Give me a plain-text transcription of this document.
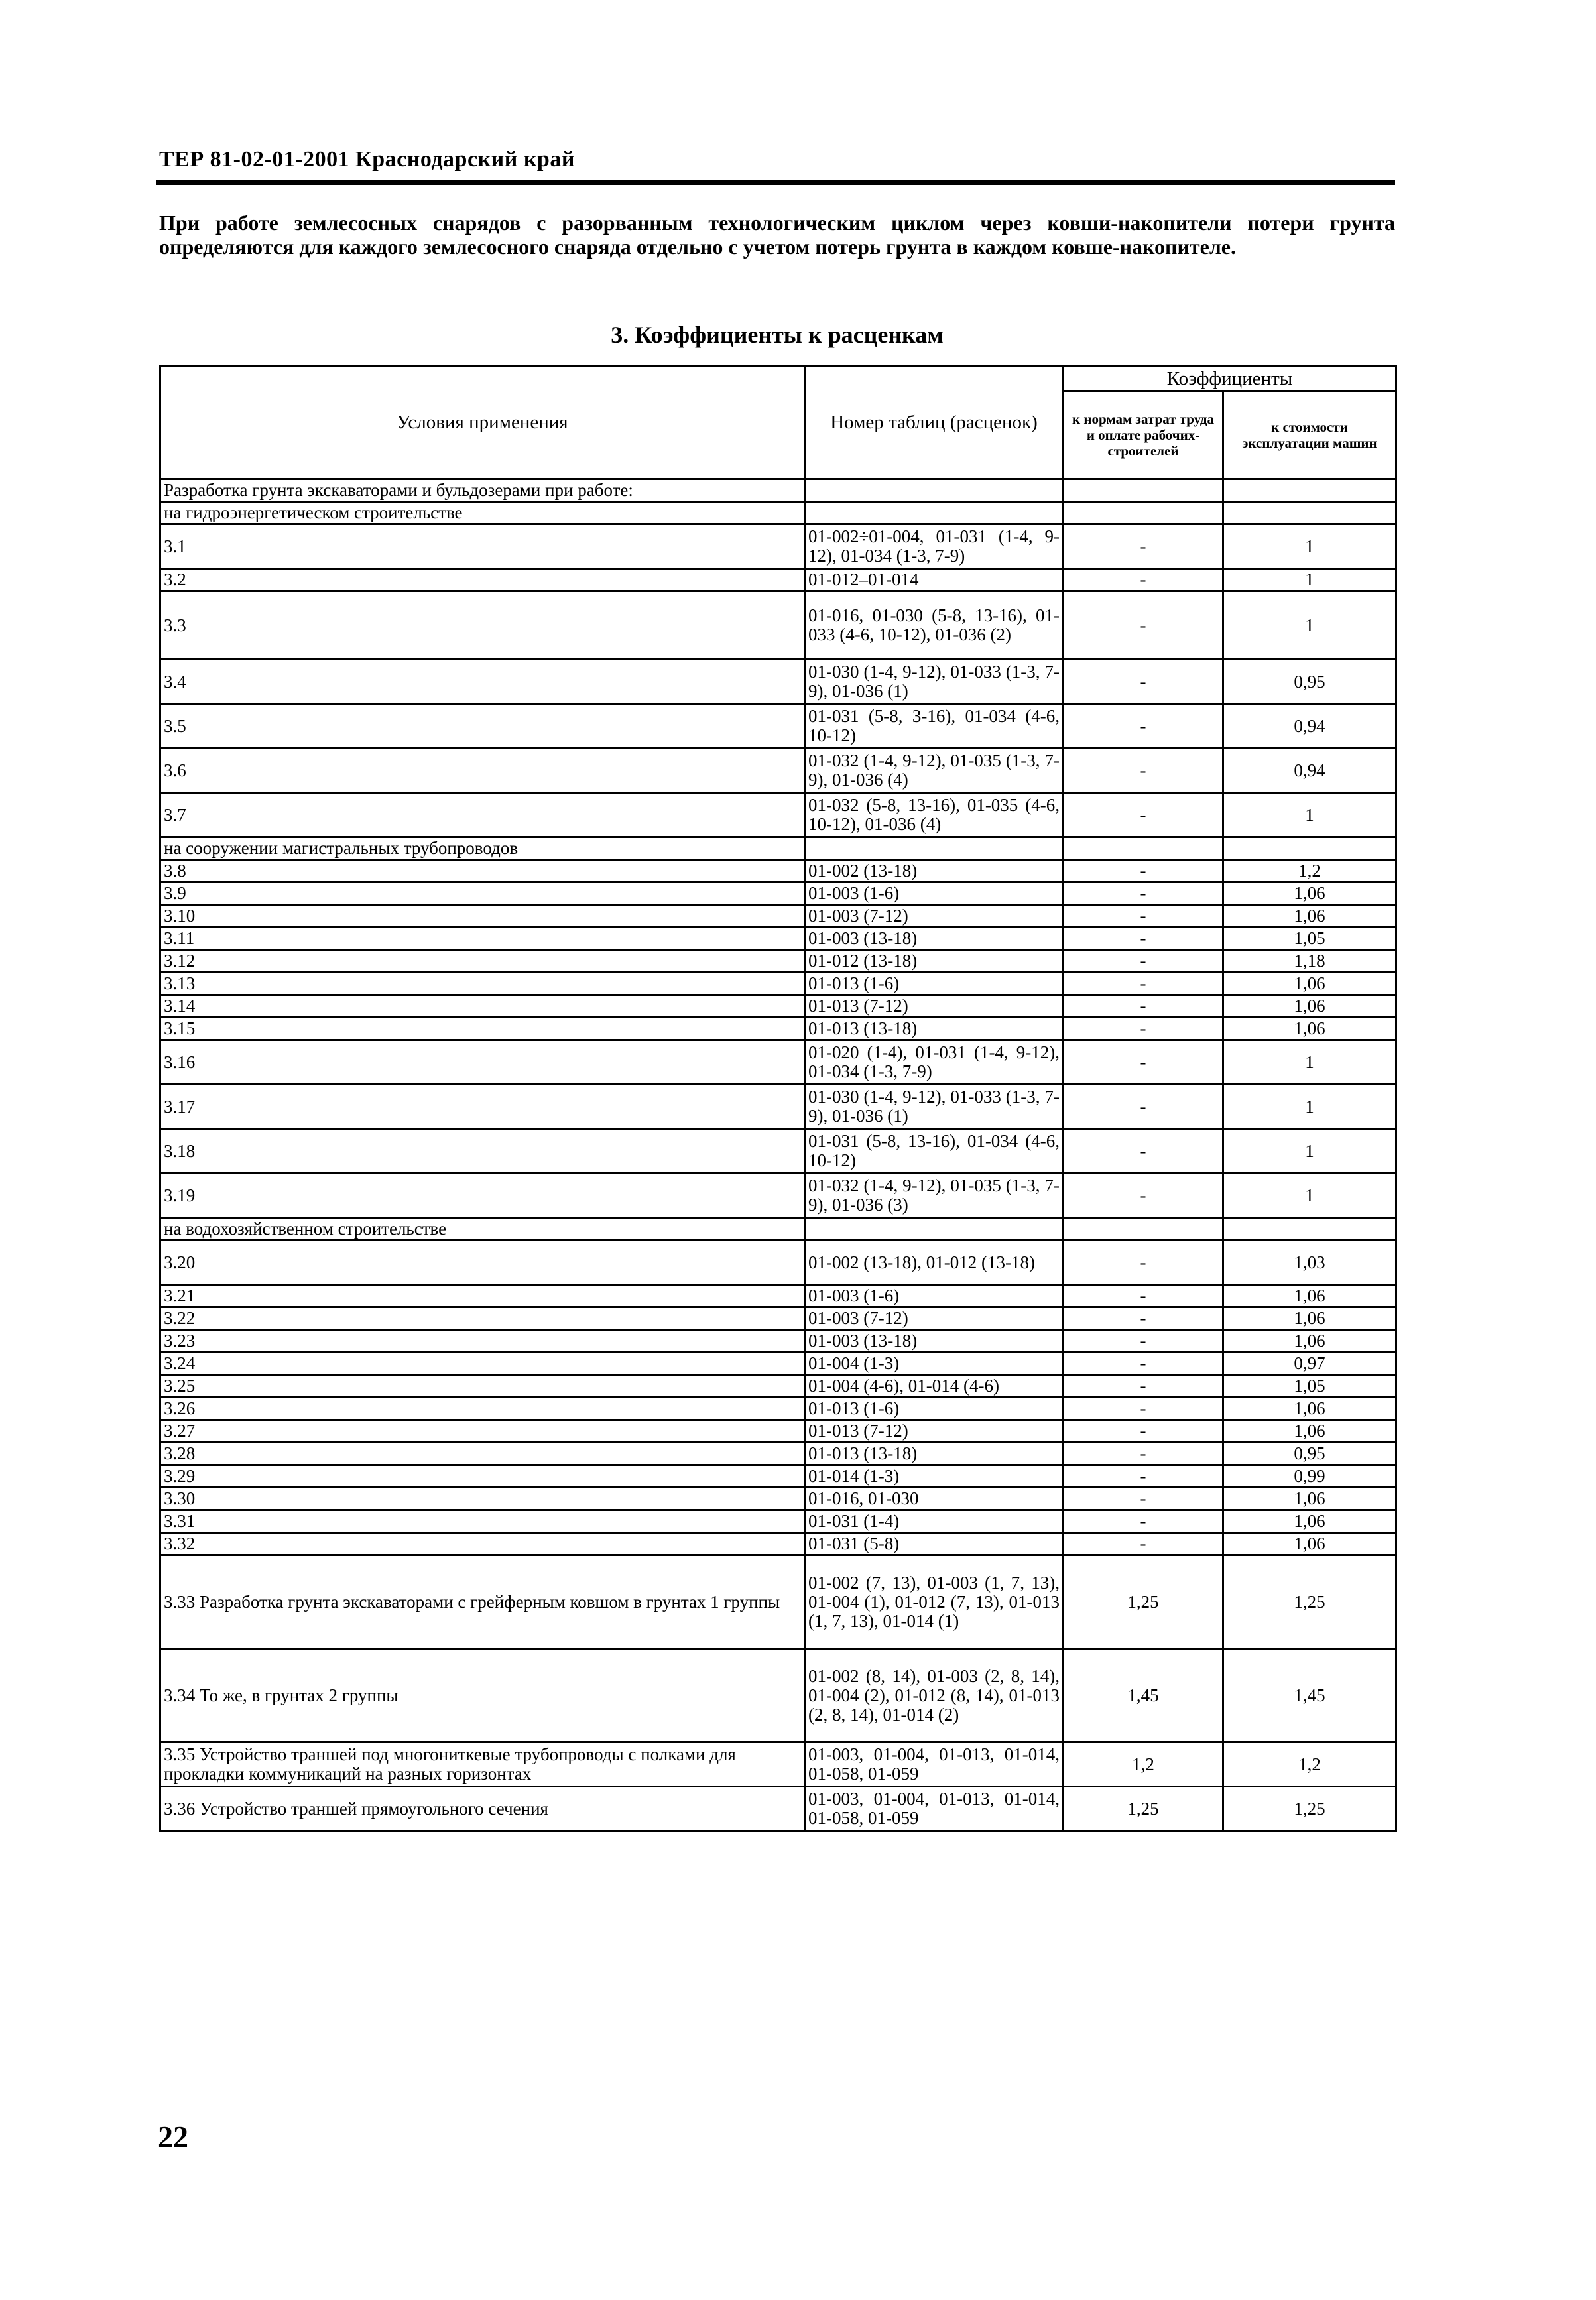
ТЕР 81-02-01-2001 Краснодарский край
При работе землесосных снарядов с разорванным технологическим циклом через ковши-накопители потери грунта определяются для каждого землесосного снаряда отдельно с учетом потерь грунта в каждом ковше-накопителе.
3. Коэффициенты к расценкам
Условия применения	Номер таблиц (расценок)	Коэффициенты	
		к нормам затрат труда и оплате рабочих-строителей	к стоимости эксплуатации машин
Разработка грунта экскаваторами и бульдозерами при работе:			
на гидроэнергетическом строительстве			
3.1	01-002÷01-004, 01-031 (1-4, 9-12), 01-034 (1-3, 7-9)	-	1
3.2	01-012–01-014	-	1
3.3	01-016, 01-030 (5-8, 13-16), 01-033 (4-6, 10-12), 01-036 (2)	-	1
3.4	01-030 (1-4, 9-12), 01-033 (1-3, 7-9), 01-036 (1)	-	0,95
3.5	01-031 (5-8, 3-16), 01-034 (4-6, 10-12)	-	0,94
3.6	01-032 (1-4, 9-12), 01-035 (1-3, 7-9), 01-036 (4)	-	0,94
3.7	01-032 (5-8, 13-16), 01-035 (4-6, 10-12), 01-036 (4)	-	1
на сооружении магистральных трубопроводов			
3.8	01-002 (13-18)	-	1,2
3.9	01-003 (1-6)	-	1,06
3.10	01-003 (7-12)	-	1,06
3.11	01-003 (13-18)	-	1,05
3.12	01-012 (13-18)	-	1,18
3.13	01-013 (1-6)	-	1,06
3.14	01-013 (7-12)	-	1,06
3.15	01-013 (13-18)	-	1,06
3.16	01-020 (1-4), 01-031 (1-4, 9-12), 01-034 (1-3, 7-9)	-	1
3.17	01-030 (1-4, 9-12), 01-033 (1-3, 7-9), 01-036 (1)	-	1
3.18	01-031 (5-8, 13-16), 01-034 (4-6, 10-12)	-	1
3.19	01-032 (1-4, 9-12), 01-035 (1-3, 7-9), 01-036 (3)	-	1
на водохозяйственном строительстве			
3.20	01-002 (13-18), 01-012 (13-18)	-	1,03
3.21	01-003 (1-6)	-	1,06
3.22	01-003 (7-12)	-	1,06
3.23	01-003 (13-18)	-	1,06
3.24	01-004 (1-3)	-	0,97
3.25	01-004 (4-6), 01-014 (4-6)	-	1,05
3.26	01-013 (1-6)	-	1,06
3.27	01-013 (7-12)	-	1,06
3.28	01-013 (13-18)	-	0,95
3.29	01-014 (1-3)	-	0,99
3.30	01-016, 01-030	-	1,06
3.31	01-031 (1-4)	-	1,06
3.32	01-031 (5-8)	-	1,06
3.33 Разработка грунта экскаваторами с грейферным ковшом в грунтах 1 группы	01-002 (7, 13), 01-003 (1, 7, 13), 01-004 (1), 01-012 (7, 13), 01-013 (1, 7, 13), 01-014 (1)	1,25	1,25
3.34 То же, в грунтах 2 группы	01-002 (8, 14), 01-003 (2, 8, 14), 01-004 (2), 01-012 (8, 14), 01-013 (2, 8, 14), 01-014 (2)	1,45	1,45
3.35 Устройство траншей под многониткевые трубопроводы с полками для прокладки коммуникаций на разных горизонтах	01-003, 01-004, 01-013, 01-014, 01-058, 01-059	1,2	1,2
3.36 Устройство траншей прямоугольного сечения	01-003, 01-004, 01-013, 01-014, 01-058, 01-059	1,25	1,25
22
